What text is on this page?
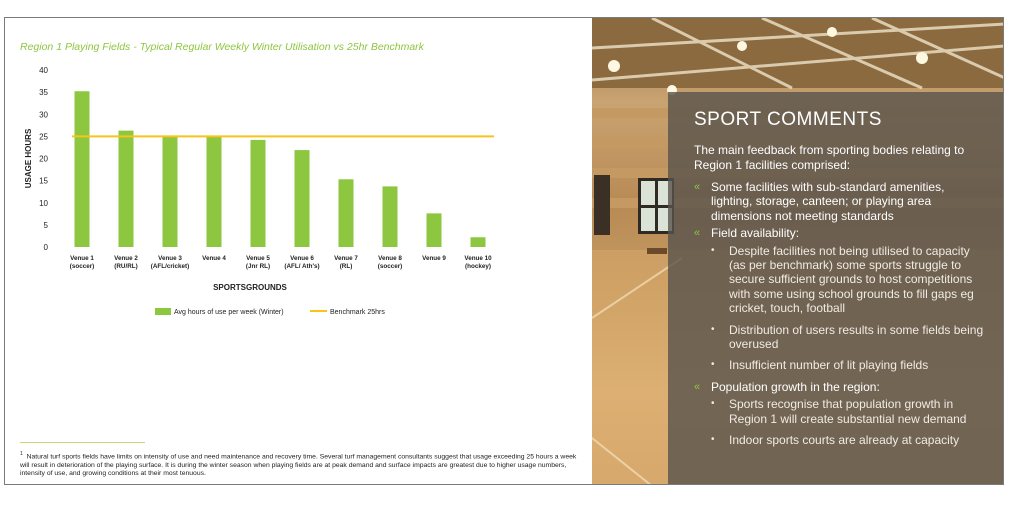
Region 1 Playing Fields - Typical Regular Weekly Winter Utilisation vs 25hr Benchmark
0
5
10
15
20
25
30
35
40
USAGE HOURS
Venue 1
(soccer)
Venue 2
(RU/RL)
Venue 3
(AFL/cricket)
Venue 4	Venue 5
(Jnr RL)
Venue 6
(AFL/ Ath's)
Venue 7
(RL)
Venue 8
(soccer)
Venue 9	Venue 10
(hockey)
SPORTSGROUNDS
Avg hours of use per week (Winter)	Benchmark 25hrs
$^1$ Natural turf sports fields have limits on intensity of use and need maintenance and recovery time. Several turf management consultants suggest that usage exceeding 25 hours a week will result in deterioration of the playing surface. It is during the winter season when playing fields are at peak demand and surface impacts are greatest due to higher usage numbers, intensity of use, and growing conditions at their most tenuous.
SPORT COMMENTS
The main feedback from sporting bodies relating to Region 1 facilities comprised:
« Some facilities with sub-standard amenities, lighting, storage, canteen; or playing area dimensions not meeting standards
« Field availability:
• Despite facilities not being utilised to capacity (as per benchmark) some sports struggle to secure sufficient grounds to host competitions with some using school grounds to fill gaps eg cricket, touch, football
• Distribution of users results in some fields being overused
• Insufficient number of lit playing fields
« Population growth in the region:
• Sports recognise that population growth in Region 1 will create substantial new demand
• Indoor sports courts are already at capacity
